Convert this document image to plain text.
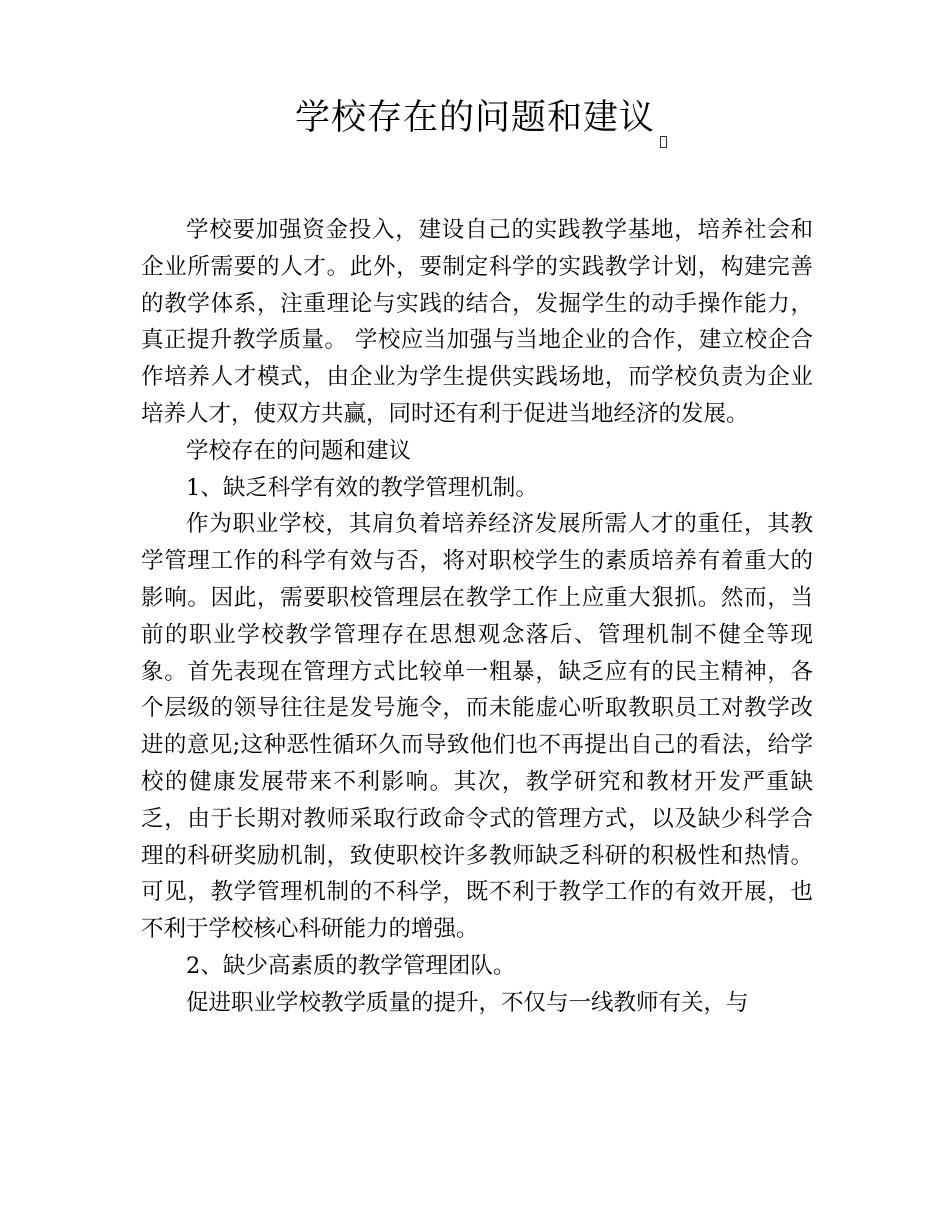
学校存在的问题和建议

学校要加强资金投入，建设自己的实践教学基地，培养社会和企业所需要的人才。此外，要制定科学的实践教学计划，构建完善的教学体系，注重理论与实践的结合，发掘学生的动手操作能力，真正提升教学质量。 学校应当加强与当地企业的合作，建立校企合作培养人才模式，由企业为学生提供实践场地，而学校负责为企业培养人才，使双方共赢，同时还有利于促进当地经济的发展。

学校存在的问题和建议

1、缺乏科学有效的教学管理机制。

作为职业学校，其肩负着培养经济发展所需人才的重任，其教学管理工作的科学有效与否，将对职校学生的素质培养有着重大的影响。因此，需要职校管理层在教学工作上应重大狠抓。然而，当前的职业学校教学管理存在思想观念落后、管理机制不健全等现象。首先表现在管理方式比较单一粗暴，缺乏应有的民主精神，各个层级的领导往往是发号施令，而未能虚心听取教职员工对教学改进的意见;这种恶性循环久而导致他们也不再提出自己的看法，给学校的健康发展带来不利影响。其次，教学研究和教材开发严重缺乏，由于长期对教师采取行政命令式的管理方式，以及缺少科学合理的科研奖励机制，致使职校许多教师缺乏科研的积极性和热情。可见，教学管理机制的不科学，既不利于教学工作的有效开展，也不利于学校核心科研能力的增强。

2、缺少高素质的教学管理团队。

促进职业学校教学质量的提升，不仅与一线教师有关，与
